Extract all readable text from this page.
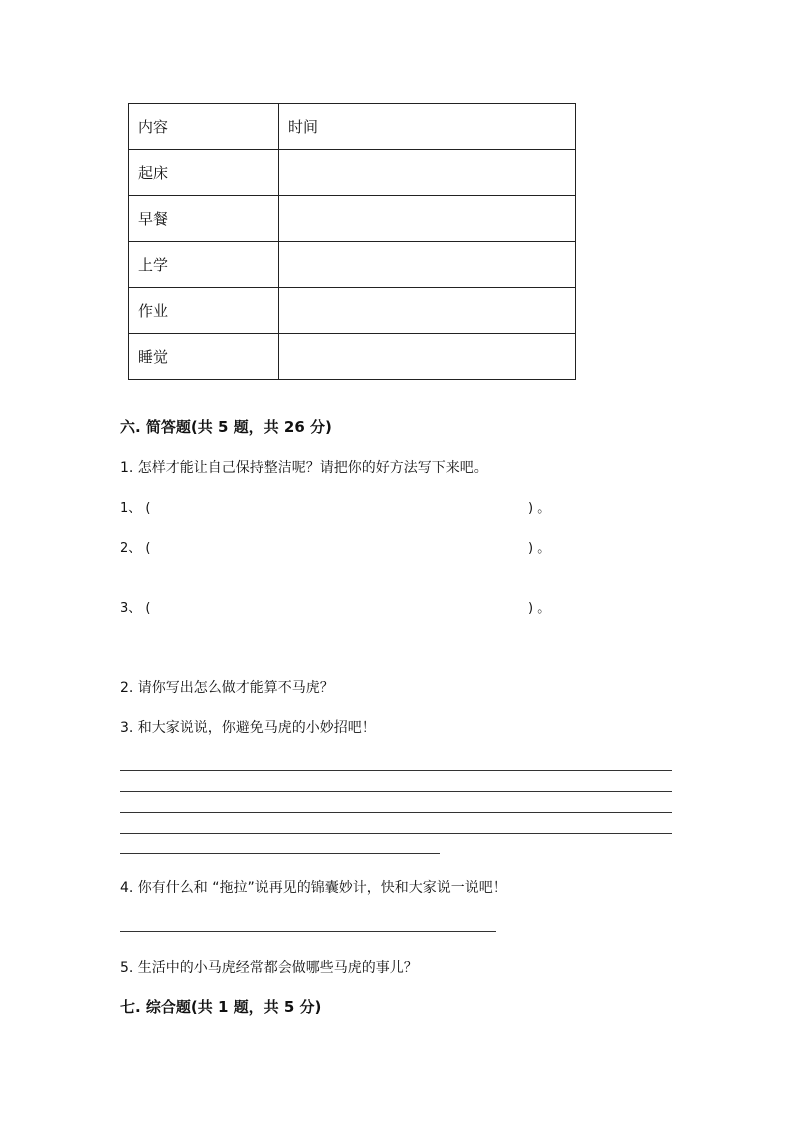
内容	时间
起床	
早餐	
上学	
作业	
睡觉	
六. 简答题(共 5 题，共 26 分)
1. 怎样才能让自己保持整洁呢？请把你的好方法写下来吧。
1、 (	) 。
2、 (	) 。
3、 (	) 。
2. 请你写出怎么做才能算不马虎？
3. 和大家说说，你避免马虎的小妙招吧！
4. 你有什么和 “拖拉”说再见的锦囊妙计，快和大家说一说吧！
5. 生活中的小马虎经常都会做哪些马虎的事儿？
七. 综合题(共 1 题，共 5 分)
